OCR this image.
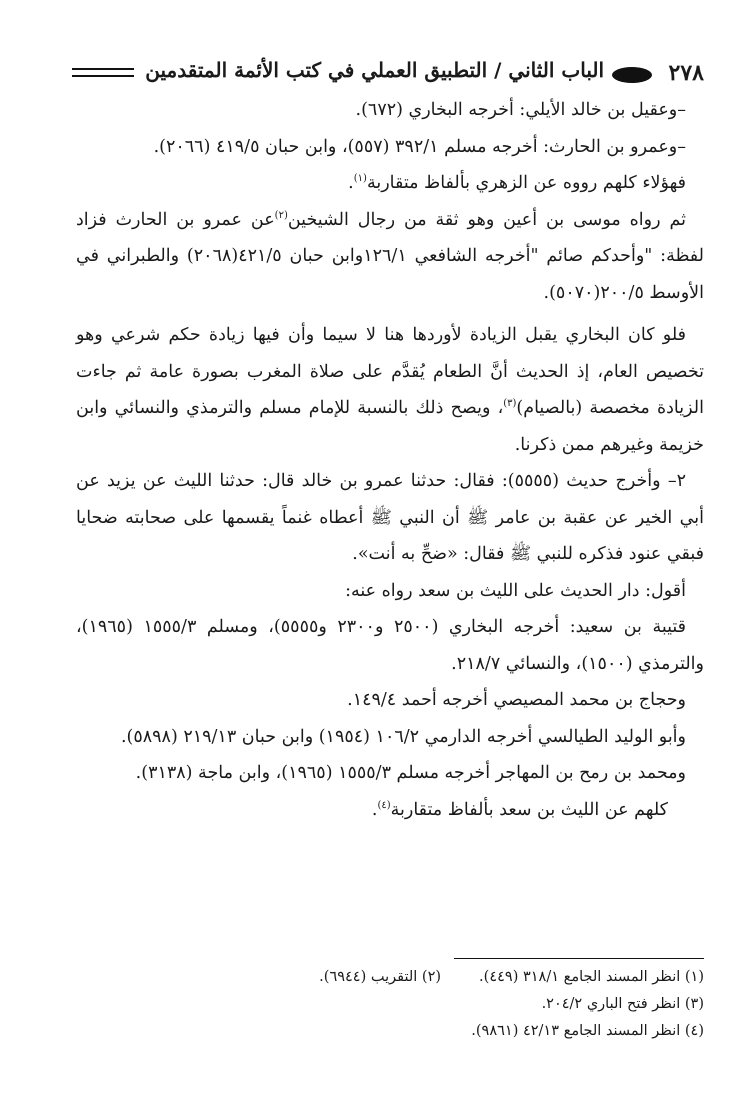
٢٧٨
الباب الثاني / التطبيق العملي في كتب الأئمة المتقدمين

–وعقيل بن خالد الأيلي: أخرجه البخاري (٦٧٢).

–وعمرو بن الحارث: أخرجه مسلم ٣٩٢/١ (٥٥٧)، وابن حبان ٤١٩/٥ (٢٠٦٦).

فهؤلاء كلهم رووه عن الزهري بألفاظ متقاربة$^{(١)}$.

ثم رواه موسى بن أعين وهو ثقة من رجال الشيخين$^{(٢)}$عن عمرو بن الحارث فزاد لفظة: "وأحدكم صائم "أخرجه الشافعي ١٢٦/١وابن حبان ٤٢١/٥(٢٠٦٨) والطبراني في الأوسط ٢٠٠/٥(٥٠٧٠).

فلو كان البخاري يقبل الزيادة لأوردها هنا لا سيما وأن فيها زيادة حكم شرعي وهو تخصيص العام، إذ الحديث أنَّ الطعام يُقدَّم على صلاة المغرب بصورة عامة ثم جاءت الزيادة مخصصة (بالصيام)$^{(٣)}$، ويصح ذلك بالنسبة للإمام مسلم والترمذي والنسائي وابن خزيمة وغيرهم ممن ذكرنا.

٢– وأخرج حديث (٥٥٥٥): فقال: حدثنا عمرو بن خالد قال: حدثنا الليث عن يزيد عن أبي الخير عن عقبة بن عامر ﷺ أن النبي ﷺ أعطاه غنماً يقسمها على صحابته ضحايا فبقي عنود فذكره للنبي ﷺ فقال: «ضحِّ به أنت».

أقول: دار الحديث على الليث بن سعد رواه عنه:

قتيبة بن سعيد: أخرجه البخاري (٢٥٠٠ و٢٣٠٠ و٥٥٥٥)، ومسلم ١٥٥٥/٣ (١٩٦٥)، والترمذي (١٥٠٠)، والنسائي ٢١٨/٧.

وحجاج بن محمد المصيصي أخرجه أحمد ١٤٩/٤.

وأبو الوليد الطيالسي أخرجه الدارمي ١٠٦/٢ (١٩٥٤) وابن حبان ٢١٩/١٣ (٥٨٩٨).

ومحمد بن رمح بن المهاجر أخرجه مسلم ١٥٥٥/٣ (١٩٦٥)، وابن ماجة (٣١٣٨).

كلهم عن الليث بن سعد بألفاظ متقاربة$^{(٤)}$.

(١) انظر المسند الجامع ٣١٨/١ (٤٤٩).(٢) التقريب (٦٩٤٤).
(٣) انظر فتح الباري ٢٠٤/٢.
(٤) انظر المسند الجامع ٤٢/١٣ (٩٨٦١).
